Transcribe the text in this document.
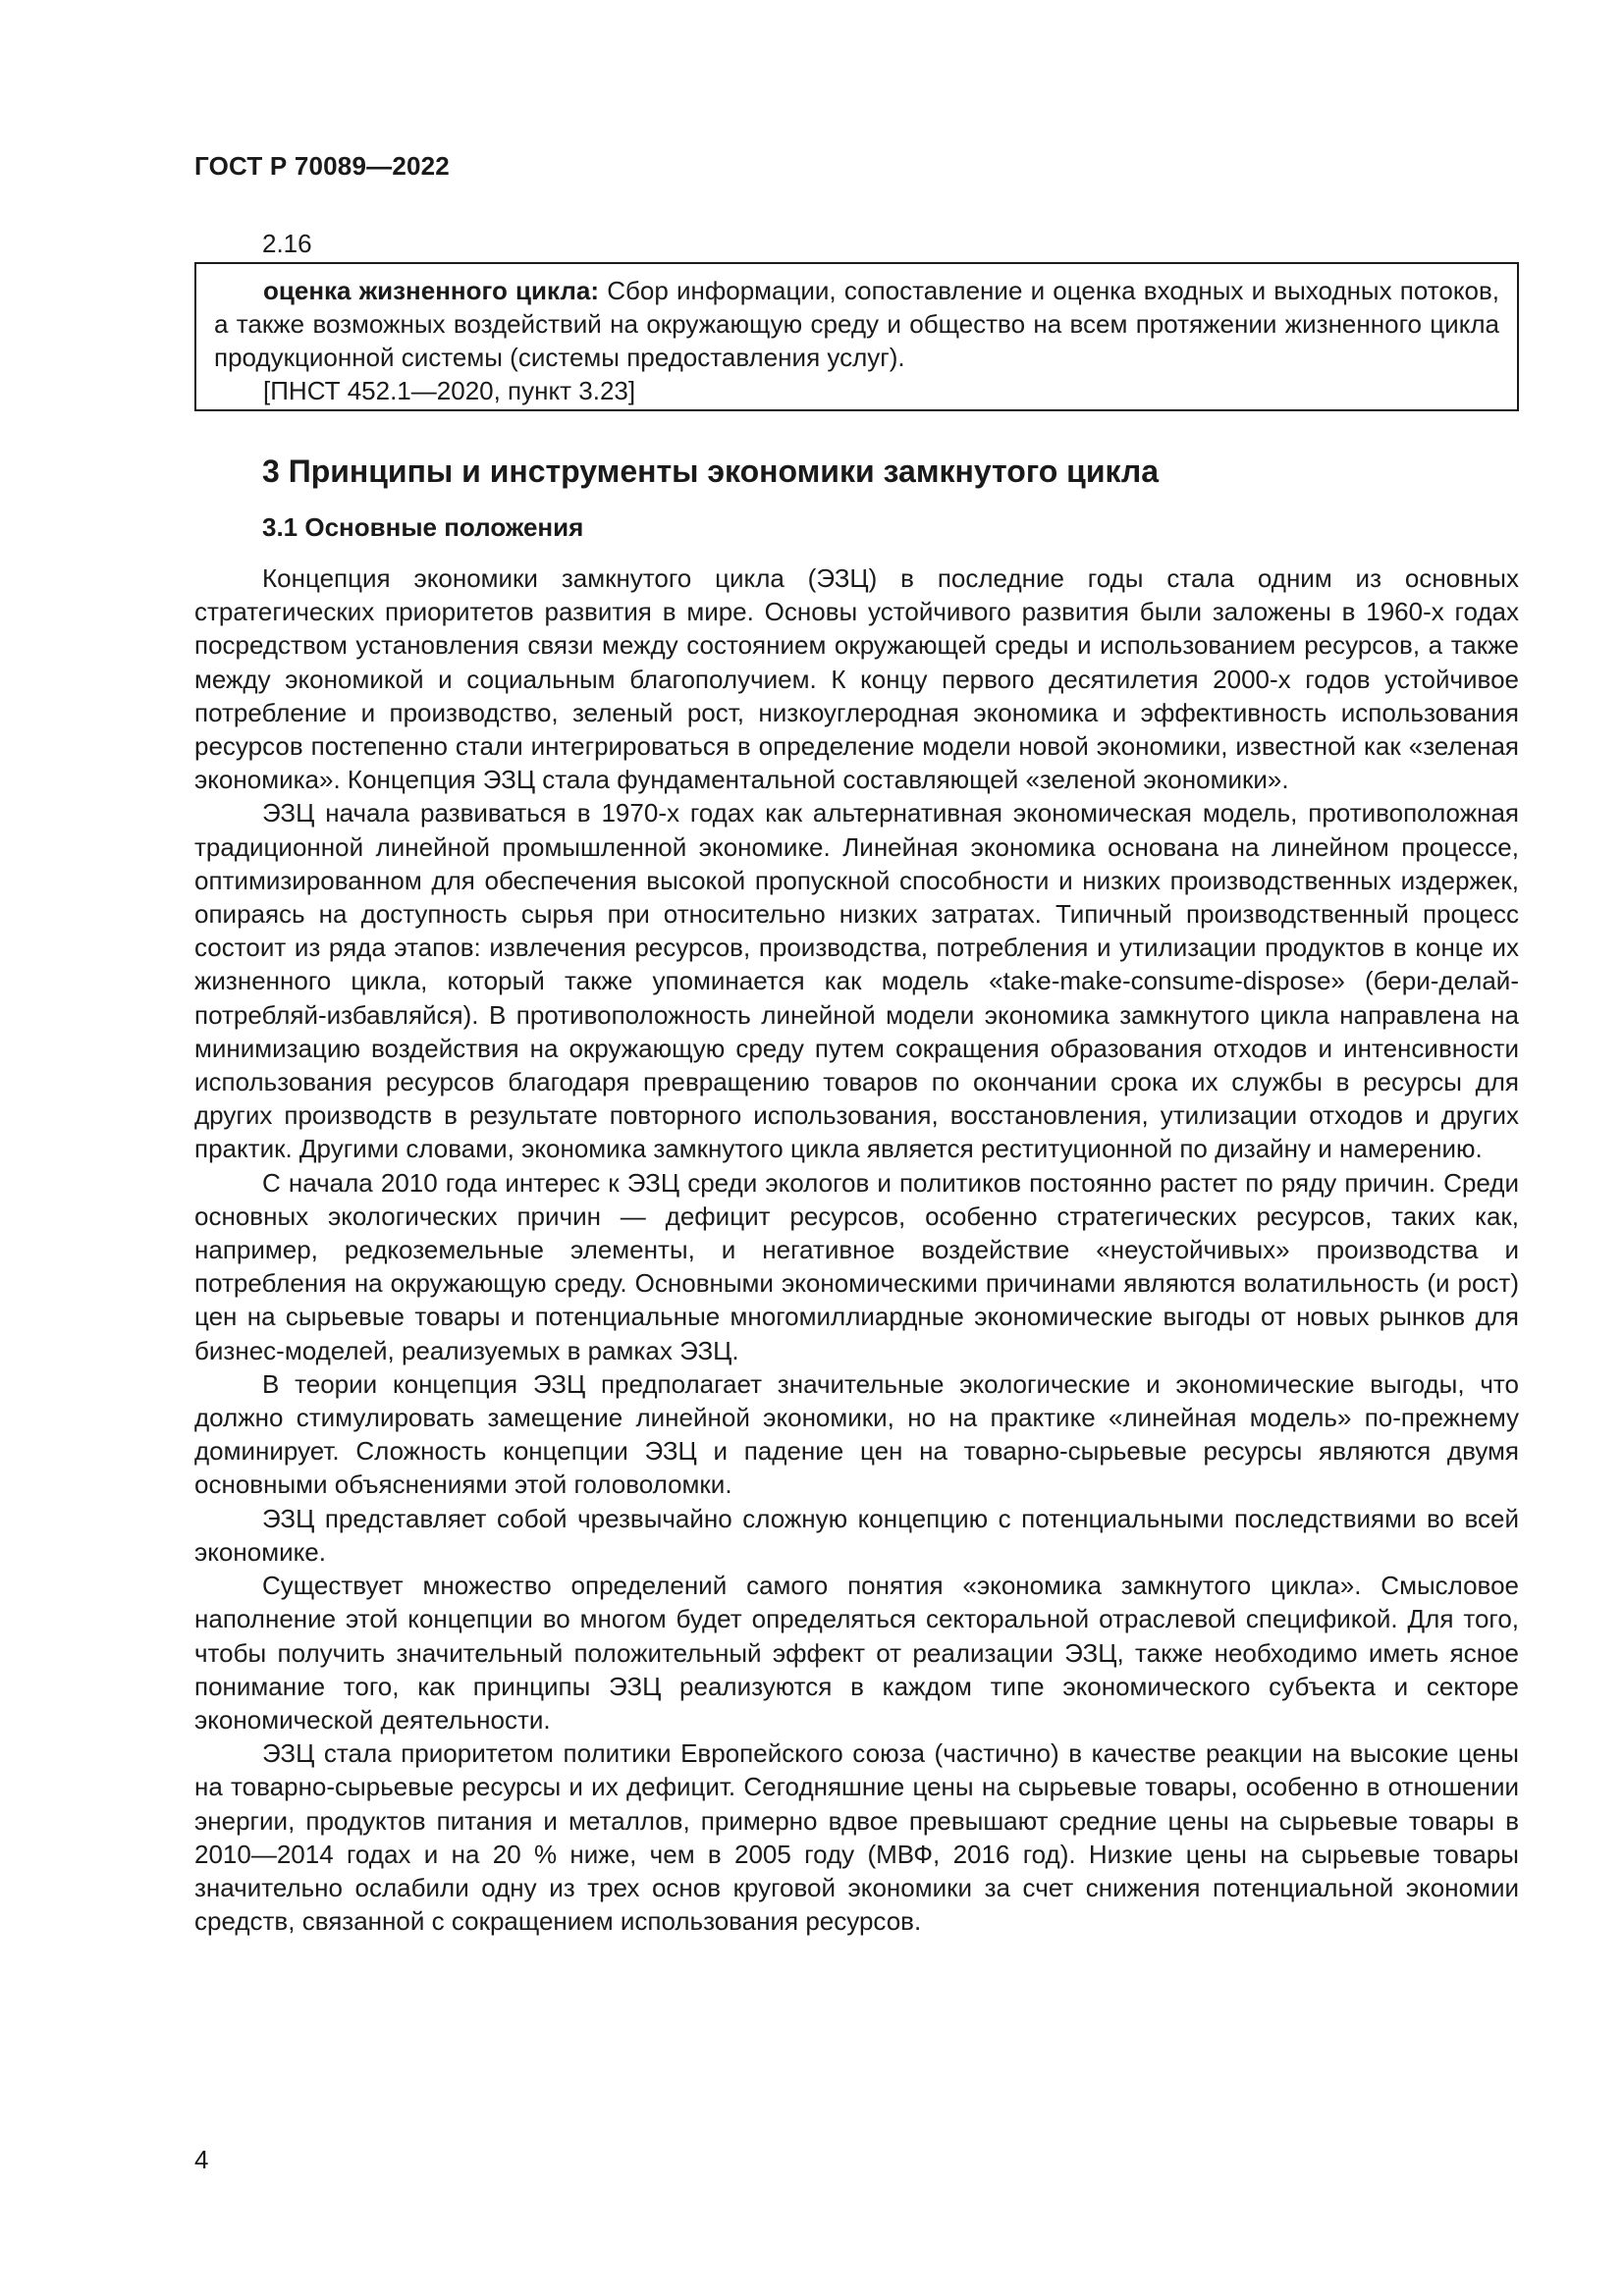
ГОСТ Р 70089—2022
2.16

оценка жизненного цикла: Сбор информации, сопоставление и оценка входных и выходных потоков, а также возможных воздействий на окружающую среду и общество на всем протяжении жизненного цикла продукционной системы (системы предоставления услуг).

[ПНСТ 452.1—2020, пункт 3.23]

3 Принципы и инструменты экономики замкнутого цикла
3.1 Основные положения

Концепция экономики замкнутого цикла (ЭЗЦ) в последние годы стала одним из основных стратегических приоритетов развития в мире. Основы устойчивого развития были заложены в 1960-х годах посредством установления связи между состоянием окружающей среды и использованием ресурсов, а также между экономикой и социальным благополучием. К концу первого десятилетия 2000-х годов устойчивое потребление и производство, зеленый рост, низкоуглеродная экономика и эффективность использования ресурсов постепенно стали интегрироваться в определение модели новой экономики, известной как «зеленая экономика». Концепция ЭЗЦ стала фундаментальной составляющей «зеленой экономики».

ЭЗЦ начала развиваться в 1970-х годах как альтернативная экономическая модель, противоположная традиционной линейной промышленной экономике. Линейная экономика основана на линейном процессе, оптимизированном для обеспечения высокой пропускной способности и низких производственных издержек, опираясь на доступность сырья при относительно низких затратах. Типичный производственный процесс состоит из ряда этапов: извлечения ресурсов, производства, потребления и утилизации продуктов в конце их жизненного цикла, который также упоминается как модель «take-make-consume-dispose» (бери-делай-потребляй-избавляйся). В противоположность линейной модели экономика замкнутого цикла направлена на минимизацию воздействия на окружающую среду путем сокращения образования отходов и интенсивности использования ресурсов благодаря превращению товаров по окончании срока их службы в ресурсы для других производств в результате повторного использования, восстановления, утилизации отходов и других практик. Другими словами, экономика замкнутого цикла является реституционной по дизайну и намерению.

С начала 2010 года интерес к ЭЗЦ среди экологов и политиков постоянно растет по ряду причин. Среди основных экологических причин — дефицит ресурсов, особенно стратегических ресурсов, таких как, например, редкоземельные элементы, и негативное воздействие «неустойчивых» производства и потребления на окружающую среду. Основными экономическими причинами являются волатильность (и рост) цен на сырьевые товары и потенциальные многомиллиардные экономические выгоды от новых рынков для бизнес-моделей, реализуемых в рамках ЭЗЦ.

В теории концепция ЭЗЦ предполагает значительные экологические и экономические выгоды, что должно стимулировать замещение линейной экономики, но на практике «линейная модель» по-прежнему доминирует. Сложность концепции ЭЗЦ и падение цен на товарно-сырьевые ресурсы являются двумя основными объяснениями этой головоломки.

ЭЗЦ представляет собой чрезвычайно сложную концепцию с потенциальными последствиями во всей экономике.

Существует множество определений самого понятия «экономика замкнутого цикла». Смысловое наполнение этой концепции во многом будет определяться секторальной отраслевой спецификой. Для того, чтобы получить значительный положительный эффект от реализации ЭЗЦ, также необходимо иметь ясное понимание того, как принципы ЭЗЦ реализуются в каждом типе экономического субъекта и секторе экономической деятельности.

ЭЗЦ стала приоритетом политики Европейского союза (частично) в качестве реакции на высокие цены на товарно-сырьевые ресурсы и их дефицит. Сегодняшние цены на сырьевые товары, особенно в отношении энергии, продуктов питания и металлов, примерно вдвое превышают средние цены на сырьевые товары в 2010—2014 годах и на 20 % ниже, чем в 2005 году (МВФ, 2016 год). Низкие цены на сырьевые товары значительно ослабили одну из трех основ круговой экономики за счет снижения потенциальной экономии средств, связанной с сокращением использования ресурсов.

4
